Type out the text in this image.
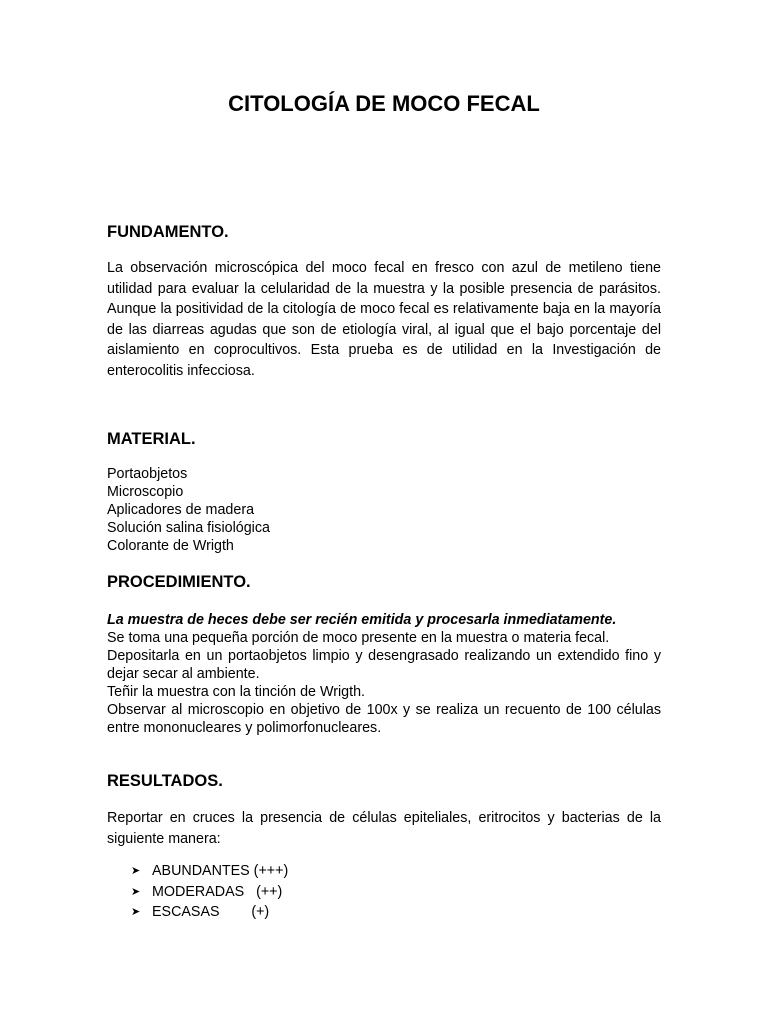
CITOLOGÍA DE MOCO FECAL
FUNDAMENTO.

La observación microscópica del moco fecal en fresco con azul de metileno tiene utilidad para evaluar la celularidad de la muestra y la posible presencia de parásitos. Aunque la positividad de la citología de moco fecal es relativamente baja en la mayoría de las diarreas agudas que son de etiología viral, al igual que el bajo porcentaje del aislamiento en coprocultivos. Esta prueba es de utilidad en la Investigación de enterocolitis infecciosa.

MATERIAL.
Portaobjetos
Microscopio
Aplicadores de madera
Solución salina fisiológica
Colorante de Wrigth
PROCEDIMIENTO.
La muestra de heces debe ser recién emitida y procesarla inmediatamente.
Se toma una pequeña porción de moco presente en la muestra o materia fecal.
Depositarla en un portaobjetos limpio y desengrasado realizando un extendido fino y dejar secar al ambiente.
Teñir la muestra con la tinción de Wrigth.
Observar al microscopio en objetivo de 100x y se realiza un recuento de 100 células entre mononucleares y polimorfonucleares.
RESULTADOS.

Reportar en cruces la presencia de células epiteliales, eritrocitos y bacterias de la siguiente manera:

➤ ABUNDANTES (+++)
➤ MODERADAS   (++)
➤ ESCASAS        (+)
